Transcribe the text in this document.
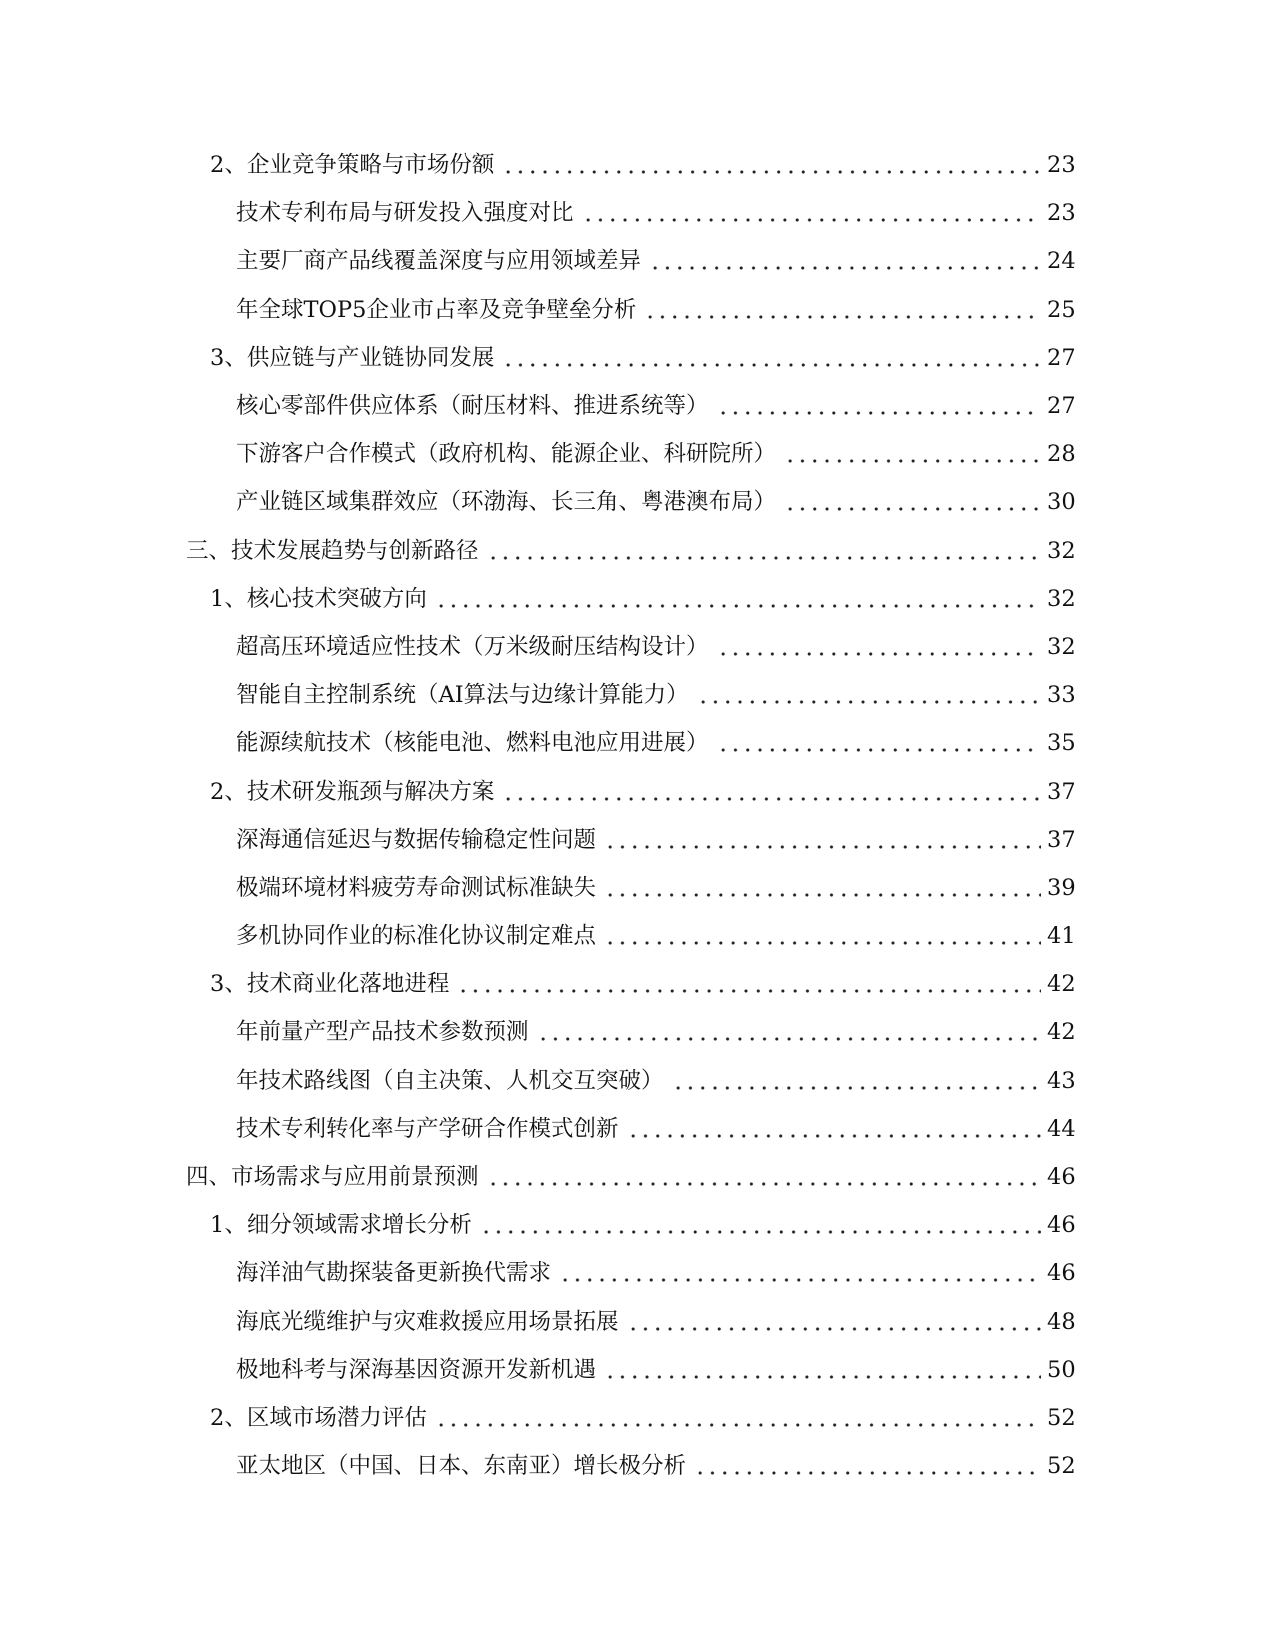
2、企业竞争策略与市场份额	23
技术专利布局与研发投入强度对比	23
主要厂商产品线覆盖深度与应用领域差异	24
年全球TOP5企业市占率及竞争壁垒分析	25
3、供应链与产业链协同发展	27
核心零部件供应体系（耐压材料、推进系统等）	27
下游客户合作模式（政府机构、能源企业、科研院所）	28
产业链区域集群效应（环渤海、长三角、粤港澳布局）	30
三、技术发展趋势与创新路径	32
1、核心技术突破方向	32
超高压环境适应性技术（万米级耐压结构设计）	32
智能自主控制系统（AI算法与边缘计算能力）	33
能源续航技术（核能电池、燃料电池应用进展）	35
2、技术研发瓶颈与解决方案	37
深海通信延迟与数据传输稳定性问题	37
极端环境材料疲劳寿命测试标准缺失	39
多机协同作业的标准化协议制定难点	41
3、技术商业化落地进程	42
年前量产型产品技术参数预测	42
年技术路线图（自主决策、人机交互突破）	43
技术专利转化率与产学研合作模式创新	44
四、市场需求与应用前景预测	46
1、细分领域需求增长分析	46
海洋油气勘探装备更新换代需求	46
海底光缆维护与灾难救援应用场景拓展	48
极地科考与深海基因资源开发新机遇	50
2、区域市场潜力评估	52
亚太地区（中国、日本、东南亚）增长极分析	52
